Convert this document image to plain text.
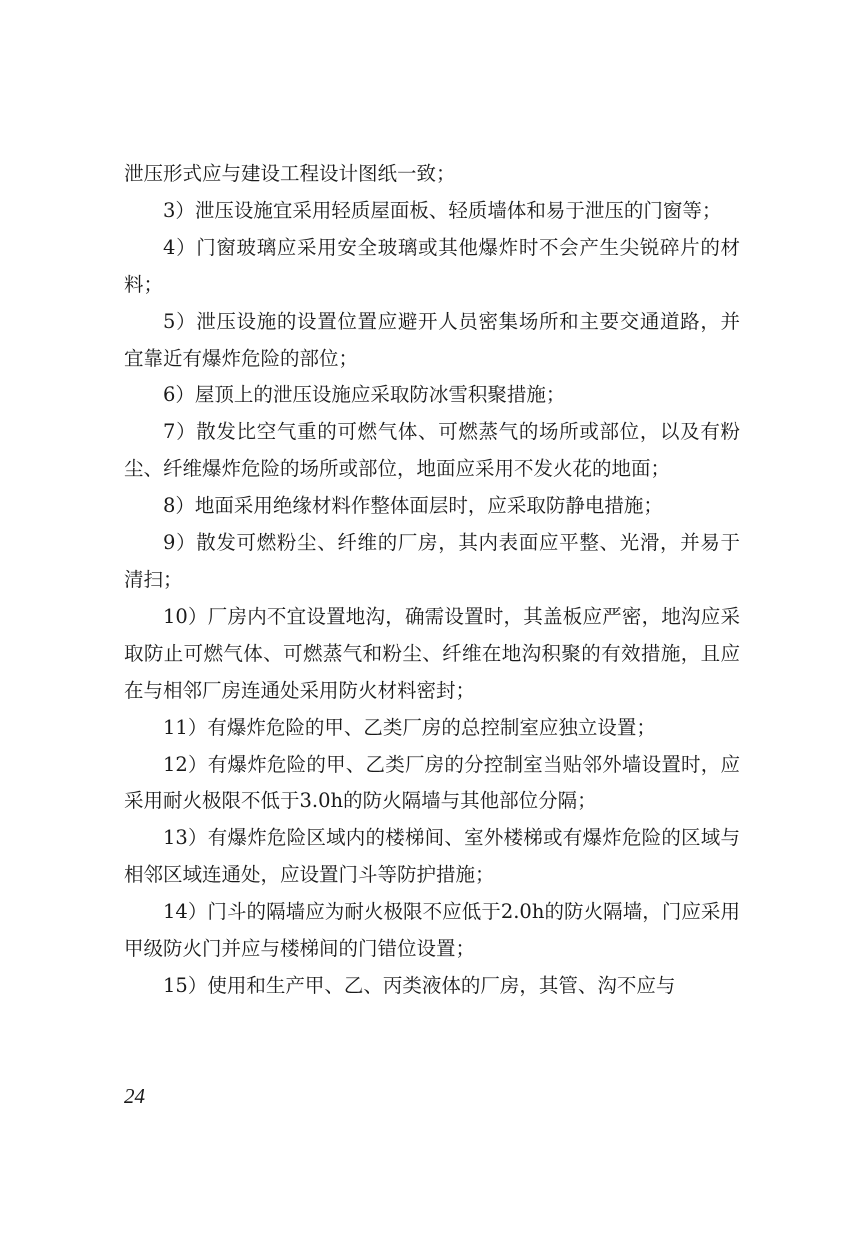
泄压形式应与建设工程设计图纸一致；

3）泄压设施宜采用轻质屋面板、轻质墙体和易于泄压的门窗等；

4）门窗玻璃应采用安全玻璃或其他爆炸时不会产生尖锐碎片的材料；

5）泄压设施的设置位置应避开人员密集场所和主要交通道路，并宜靠近有爆炸危险的部位；

6）屋顶上的泄压设施应采取防冰雪积聚措施；

7）散发比空气重的可燃气体、可燃蒸气的场所或部位，以及有粉尘、纤维爆炸危险的场所或部位，地面应采用不发火花的地面；

8）地面采用绝缘材料作整体面层时，应采取防静电措施；

9）散发可燃粉尘、纤维的厂房，其内表面应平整、光滑，并易于清扫；

10）厂房内不宜设置地沟，确需设置时，其盖板应严密，地沟应采取防止可燃气体、可燃蒸气和粉尘、纤维在地沟积聚的有效措施，且应在与相邻厂房连通处采用防火材料密封；

11）有爆炸危险的甲、乙类厂房的总控制室应独立设置；

12）有爆炸危险的甲、乙类厂房的分控制室当贴邻外墙设置时，应采用耐火极限不低于3.0h的防火隔墙与其他部位分隔；

13）有爆炸危险区域内的楼梯间、室外楼梯或有爆炸危险的区域与相邻区域连通处，应设置门斗等防护措施；

14）门斗的隔墙应为耐火极限不应低于2.0h的防火隔墙，门应采用甲级防火门并应与楼梯间的门错位设置；

15）使用和生产甲、乙、丙类液体的厂房，其管、沟不应与

24
